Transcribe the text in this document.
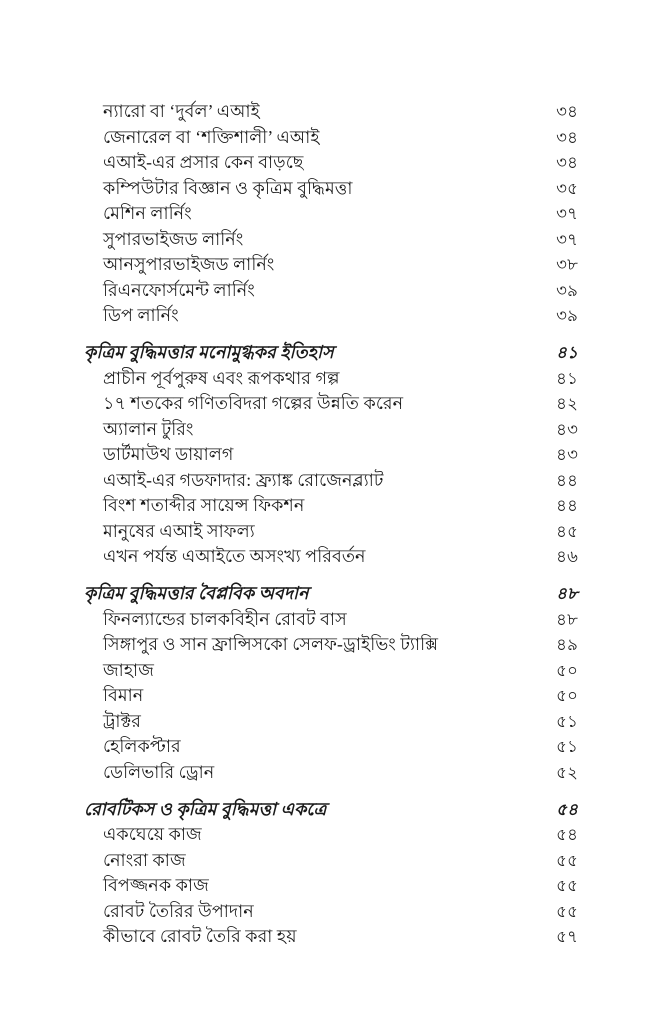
ন্যারো বা ‘দুর্বল’ এআই	৩৪
জেনারেল বা ‘শক্তিশালী’ এআই	৩৪
এআই-এর প্রসার কেন বাড়ছে	৩৪
কম্পিউটার বিজ্ঞান ও কৃত্রিম বুদ্ধিমত্তা	৩৫
মেশিন লার্নিং	৩৭
সুপারভাইজড লার্নিং	৩৭
আনসুপারভাইজড লার্নিং	৩৮
রিএনফোর্সমেন্ট লার্নিং	৩৯
ডিপ লার্নিং	৩৯
কৃত্রিম বুদ্ধিমত্তার মনোমুগ্ধকর ইতিহাস	৪১
প্রাচীন পূর্বপুরুষ এবং রূপকথার গল্প	৪১
১৭ শতকের গণিতবিদরা গল্পের উন্নতি করেন	৪২
অ্যালান টুরিং	৪৩
ডার্টমাউথ ডায়ালগ	৪৩
এআই-এর গডফাদার: ফ্র্যাঙ্ক রোজেনব্ল্যাট	৪৪
বিংশ শতাব্দীর সায়েন্স ফিকশন	৪৪
মানুষের এআই সাফল্য	৪৫
এখন পর্যন্ত এআইতে অসংখ্য পরিবর্তন	৪৬
কৃত্রিম বুদ্ধিমত্তার বৈপ্লবিক অবদান	৪৮
ফিনল্যান্ডের চালকবিহীন রোবট বাস	৪৮
সিঙ্গাপুর ও সান ফ্রান্সিসকো সেলফ-ড্রাইভিং ট্যাক্সি	৪৯
জাহাজ	৫০
বিমান	৫০
ট্রাক্টর	৫১
হেলিকপ্টার	৫১
ডেলিভারি ড্রোন	৫২
রোবটিকস ও কৃত্রিম বুদ্ধিমত্তা একত্রে	৫৪
একঘেয়ে কাজ	৫৪
নোংরা কাজ	৫৫
বিপজ্জনক কাজ	৫৫
রোবট তৈরির উপাদান	৫৫
কীভাবে রোবট তৈরি করা হয়	৫৭
